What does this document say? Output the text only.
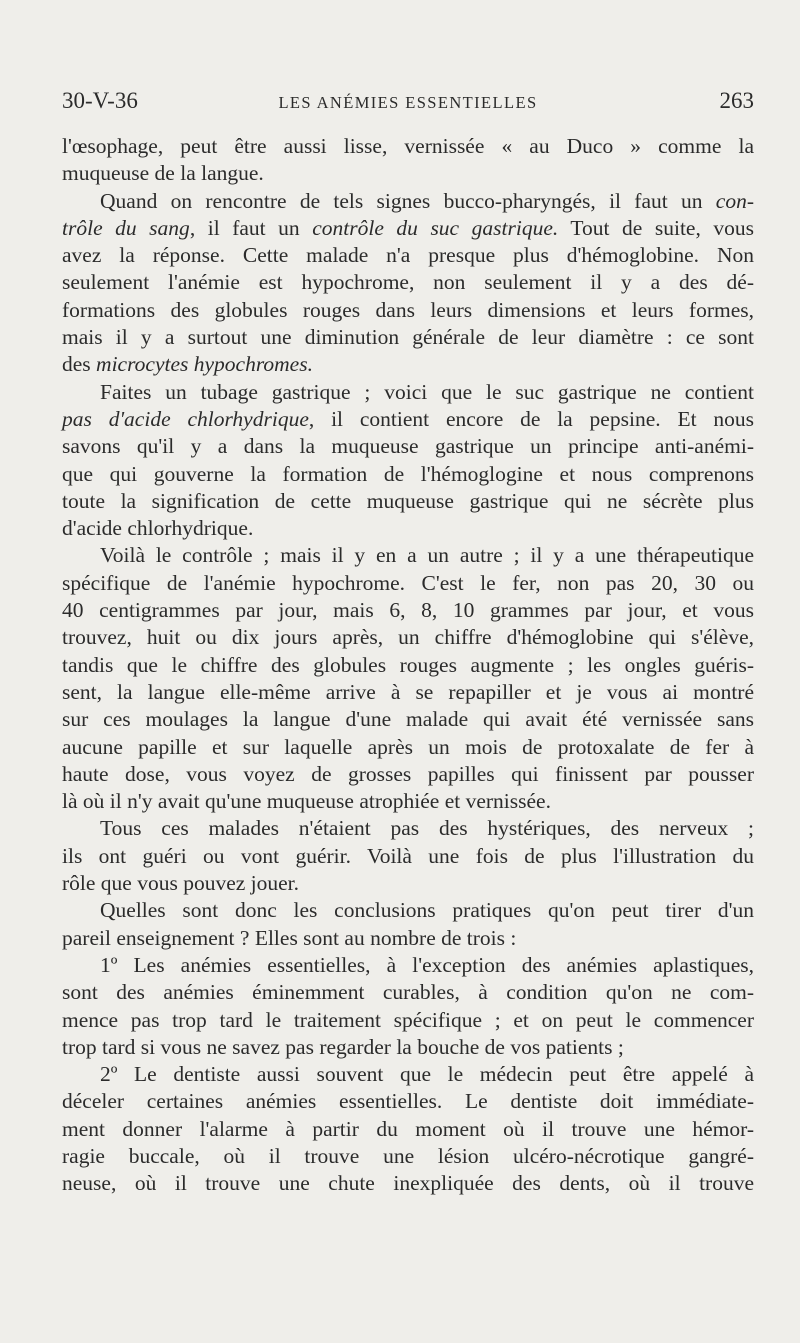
30-V-36	LES ANÉMIES ESSENTIELLES	263
l'œsophage, peut être aussi lisse, vernissée « au Duco » comme la
muqueuse de la langue.
Quand on rencontre de tels signes bucco-pharyngés, il faut un con-
trôle du sang, il faut un contrôle du suc gastrique. Tout de suite, vous
avez la réponse. Cette malade n'a presque plus d'hémoglobine. Non
seulement l'anémie est hypochrome, non seulement il y a des dé-
formations des globules rouges dans leurs dimensions et leurs formes,
mais il y a surtout une diminution générale de leur diamètre : ce sont
des microcytes hypochromes.
Faites un tubage gastrique ; voici que le suc gastrique ne contient
pas d'acide chlorhydrique, il contient encore de la pepsine. Et nous
savons qu'il y a dans la muqueuse gastrique un principe anti-anémi-
que qui gouverne la formation de l'hémoglogine et nous comprenons
toute la signification de cette muqueuse gastrique qui ne sécrète plus
d'acide chlorhydrique.
Voilà le contrôle ; mais il y en a un autre ; il y a une thérapeutique
spécifique de l'anémie hypochrome. C'est le fer, non pas 20, 30 ou
40 centigrammes par jour, mais 6, 8, 10 grammes par jour, et vous
trouvez, huit ou dix jours après, un chiffre d'hémoglobine qui s'élève,
tandis que le chiffre des globules rouges augmente ; les ongles guéris-
sent, la langue elle-même arrive à se repapiller et je vous ai montré
sur ces moulages la langue d'une malade qui avait été vernissée sans
aucune papille et sur laquelle après un mois de protoxalate de fer à
haute dose, vous voyez de grosses papilles qui finissent par pousser
là où il n'y avait qu'une muqueuse atrophiée et vernissée.
Tous ces malades n'étaient pas des hystériques, des nerveux ;
ils ont guéri ou vont guérir. Voilà une fois de plus l'illustration du
rôle que vous pouvez jouer.
Quelles sont donc les conclusions pratiques qu'on peut tirer d'un
pareil enseignement ? Elles sont au nombre de trois :
1º Les anémies essentielles, à l'exception des anémies aplastiques,
sont des anémies éminemment curables, à condition qu'on ne com-
mence pas trop tard le traitement spécifique ; et on peut le commencer
trop tard si vous ne savez pas regarder la bouche de vos patients ;
2º Le dentiste aussi souvent que le médecin peut être appelé à
déceler certaines anémies essentielles. Le dentiste doit immédiate-
ment donner l'alarme à partir du moment où il trouve une hémor-
ragie buccale, où il trouve une lésion ulcéro-nécrotique gangré-
neuse, où il trouve une chute inexpliquée des dents, où il trouve
